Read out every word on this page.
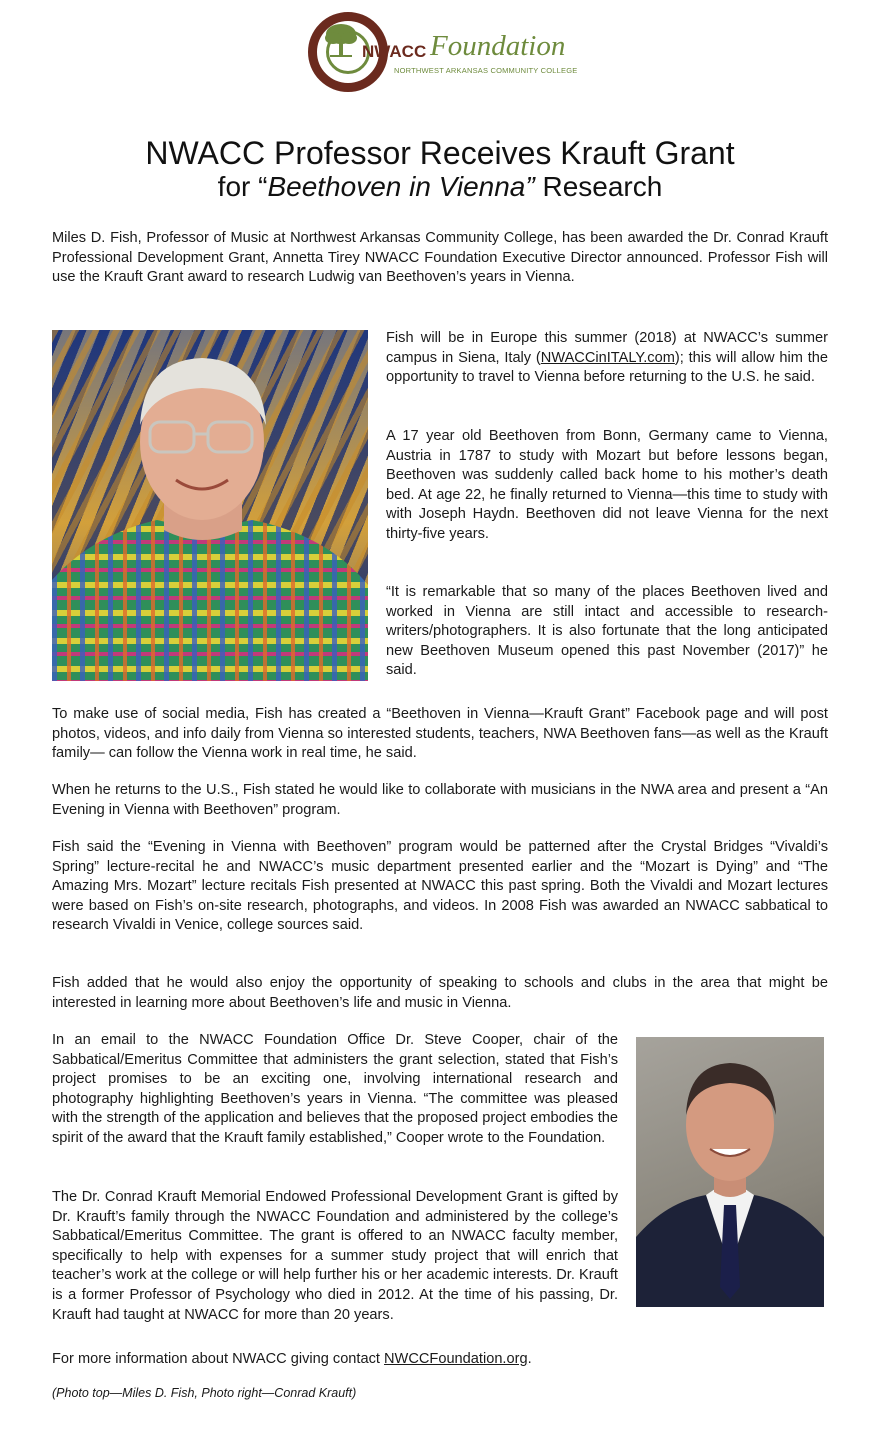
NWACC Foundation
NORTHWEST ARKANSAS COMMUNITY COLLEGE
NWACC Professor Receives Krauft Grant
for “Beethoven in Vienna” Research

Miles D. Fish, Professor of Music at Northwest Arkansas Community College, has been awarded the Dr. Conrad Krauft Professional Development Grant, Annetta Tirey NWACC Foundation Executive Director announced. Professor Fish will use the Krauft Grant award to research Ludwig van Beethoven’s years in Vienna.

Fish will be in Europe this summer (2018) at NWACC’s summer campus in Siena, Italy (NWACCinITALY.com); this will allow him the opportunity to travel to Vienna before returning to the U.S. he said.

A 17 year old Beethoven from Bonn, Germany came to Vienna, Austria in 1787 to study with Mozart but before lessons began, Beethoven was suddenly called back home to his mother’s death bed. At age 22, he finally returned to Vienna—this time to study with with Joseph Haydn. Beethoven did not leave Vienna for the next thirty-five years.

“It is remarkable that so many of the places Beethoven lived and worked in Vienna are still intact and accessible to research-writers/photographers. It is also fortunate that the long anticipated new Beethoven Museum opened this past November (2017)” he said.

To make use of social media, Fish has created a “Beethoven in Vienna—Krauft Grant” Facebook page and will post photos, videos, and info daily from Vienna so interested students, teachers, NWA Beethoven fans—as well as the Krauft family— can follow the Vienna work in real time, he said.

When he returns to the U.S., Fish stated he would like to collaborate with musicians in the NWA area and present a “An Evening in Vienna with Beethoven” program.

Fish said the “Evening in Vienna with Beethoven” program would be patterned after the Crystal Bridges “Vivaldi’s Spring” lecture-recital he and NWACC’s music department presented earlier and the “Mozart is Dying” and “The Amazing Mrs. Mozart” lecture recitals Fish presented at NWACC this past spring. Both the Vivaldi and Mozart lectures were based on Fish’s on-site research, photographs, and videos. In 2008 Fish was awarded an NWACC sabbatical to research Vivaldi in Venice, college sources said.

Fish added that he would also enjoy the opportunity of speaking to schools and clubs in the area that might be interested in learning more about Beethoven’s life and music in Vienna.

In an email to the NWACC Foundation Office Dr. Steve Cooper, chair of the Sabbatical/Emeritus Committee that administers the grant selection, stated that Fish’s project promises to be an exciting one, involving international research and photography highlighting Beethoven’s years in Vienna. “The committee was pleased with the strength of the application and believes that the proposed project embodies the spirit of the award that the Krauft family established,” Cooper wrote to the Foundation.

The Dr. Conrad Krauft Memorial Endowed Professional Development Grant is gifted by Dr. Krauft’s family through the NWACC Foundation and administered by the college’s Sabbatical/Emeritus Committee. The grant is offered to an NWACC faculty member, specifically to help with expenses for a summer study project that will enrich that teacher’s work at the college or will help further his or her academic interests. Dr. Krauft is a former Professor of Psychology who died in 2012. At the time of his passing, Dr. Krauft had taught at NWACC for more than 20 years.

For more information about NWACC giving contact NWCCFoundation.org.

(Photo top—Miles D. Fish, Photo right—Conrad Krauft)
